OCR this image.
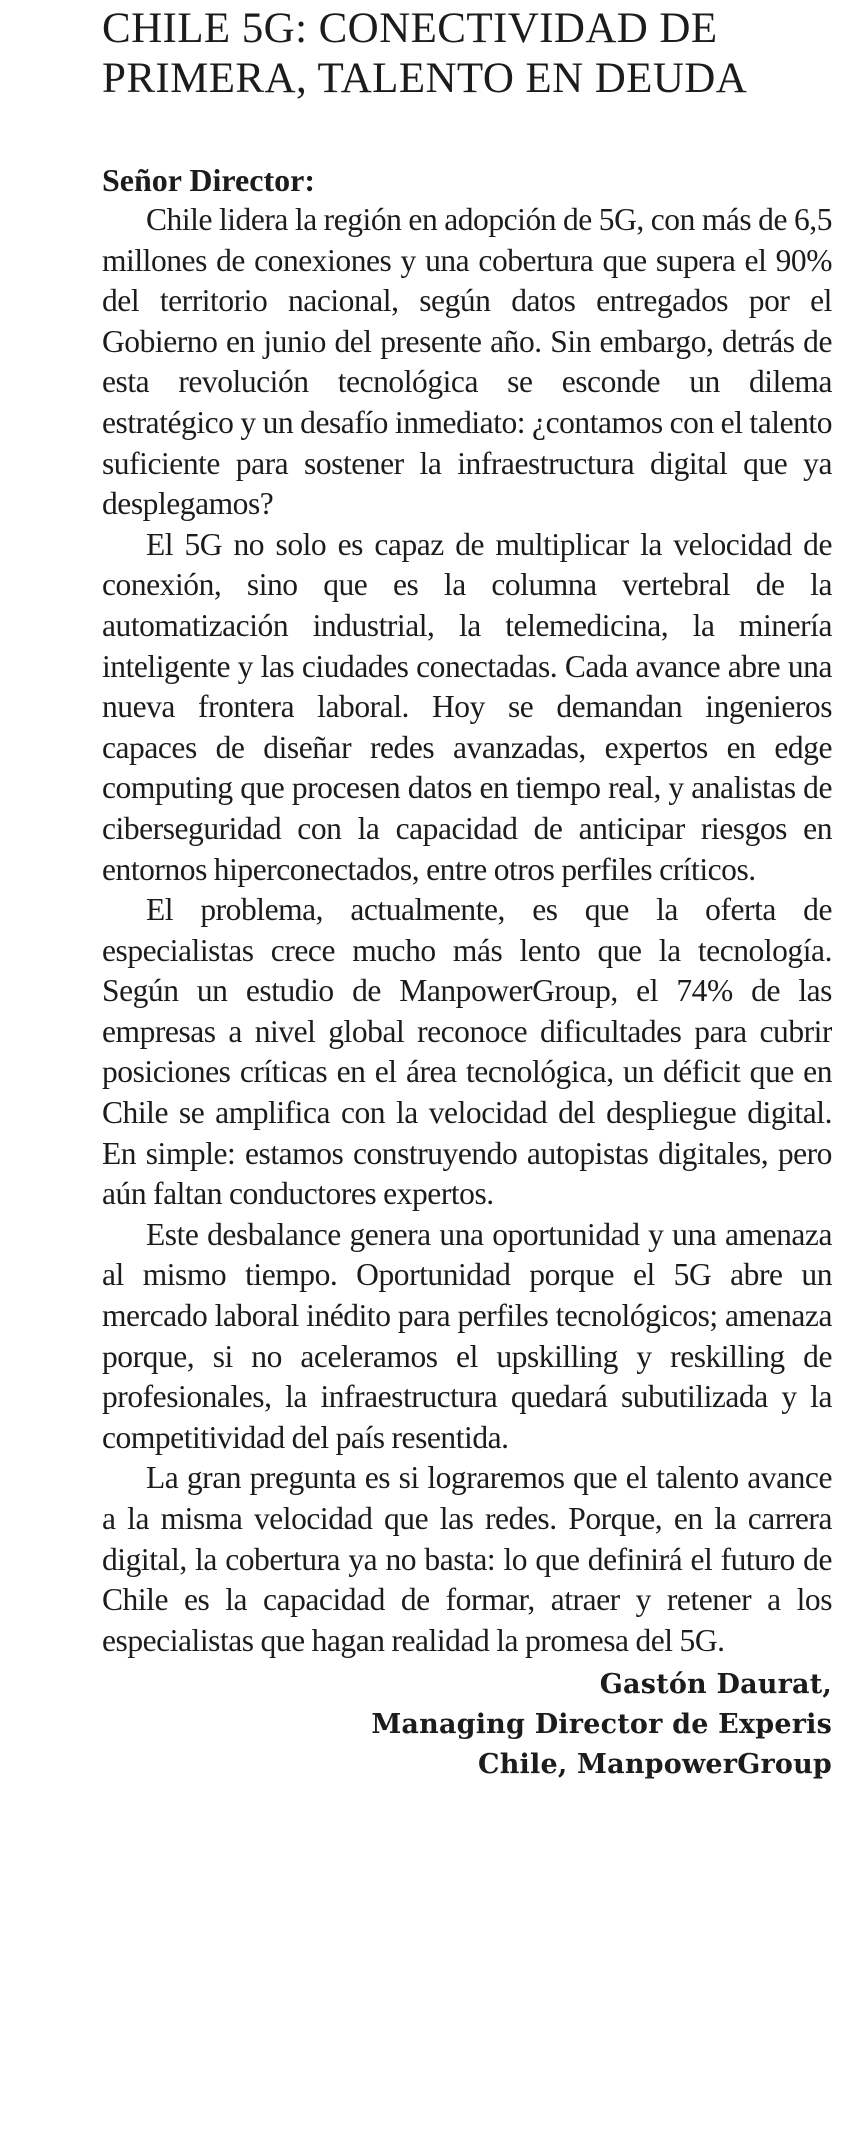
CHILE 5G: CONECTIVIDAD DE
PRIMERA, TALENTO EN DEUDA

Señor Director:

Chile lidera la región en adopción de 5G, con más de 6,5 millones de conexiones y una cobertura que supera el 90% del territorio nacional, según datos entregados por el Gobierno en junio del presente año. Sin embargo, detrás de esta revolución tecnológica se esconde un dilema estratégico y un desafío inmediato: ¿contamos con el talento suficiente para sostener la infraestructura digital que ya desplegamos?

El 5G no solo es capaz de multiplicar la velocidad de conexión, sino que es la columna vertebral de la automatización industrial, la telemedicina, la minería inteligente y las ciudades conectadas. Cada avance abre una nueva frontera laboral. Hoy se demandan ingenieros capaces de diseñar redes avanzadas, expertos en edge computing que procesen datos en tiempo real, y analistas de ciberseguridad con la capacidad de anticipar riesgos en entornos hiperconectados, entre otros perfiles críticos.

El problema, actualmente, es que la oferta de especialistas crece mucho más lento que la tecnología. Según un estudio de ManpowerGroup, el 74% de las empresas a nivel global reconoce dificultades para cubrir posiciones críticas en el área tecnológica, un déficit que en Chile se amplifica con la velocidad del despliegue digital. En simple: estamos construyendo autopistas digitales, pero aún faltan conductores expertos.

Este desbalance genera una oportunidad y una amenaza al mismo tiempo. Oportunidad porque el 5G abre un mercado laboral inédito para perfiles tecnológicos; amenaza porque, si no aceleramos el upskilling y reskilling de profesionales, la infraestructura quedará subutilizada y la competitividad del país resentida.

La gran pregunta es si lograremos que el talento avance a la misma velocidad que las redes. Porque, en la carrera digital, la cobertura ya no basta: lo que definirá el futuro de Chile es la capacidad de formar, atraer y retener a los especialistas que hagan realidad la promesa del 5G.

Gastón Daurat,
Managing Director de Experis
Chile, ManpowerGroup
